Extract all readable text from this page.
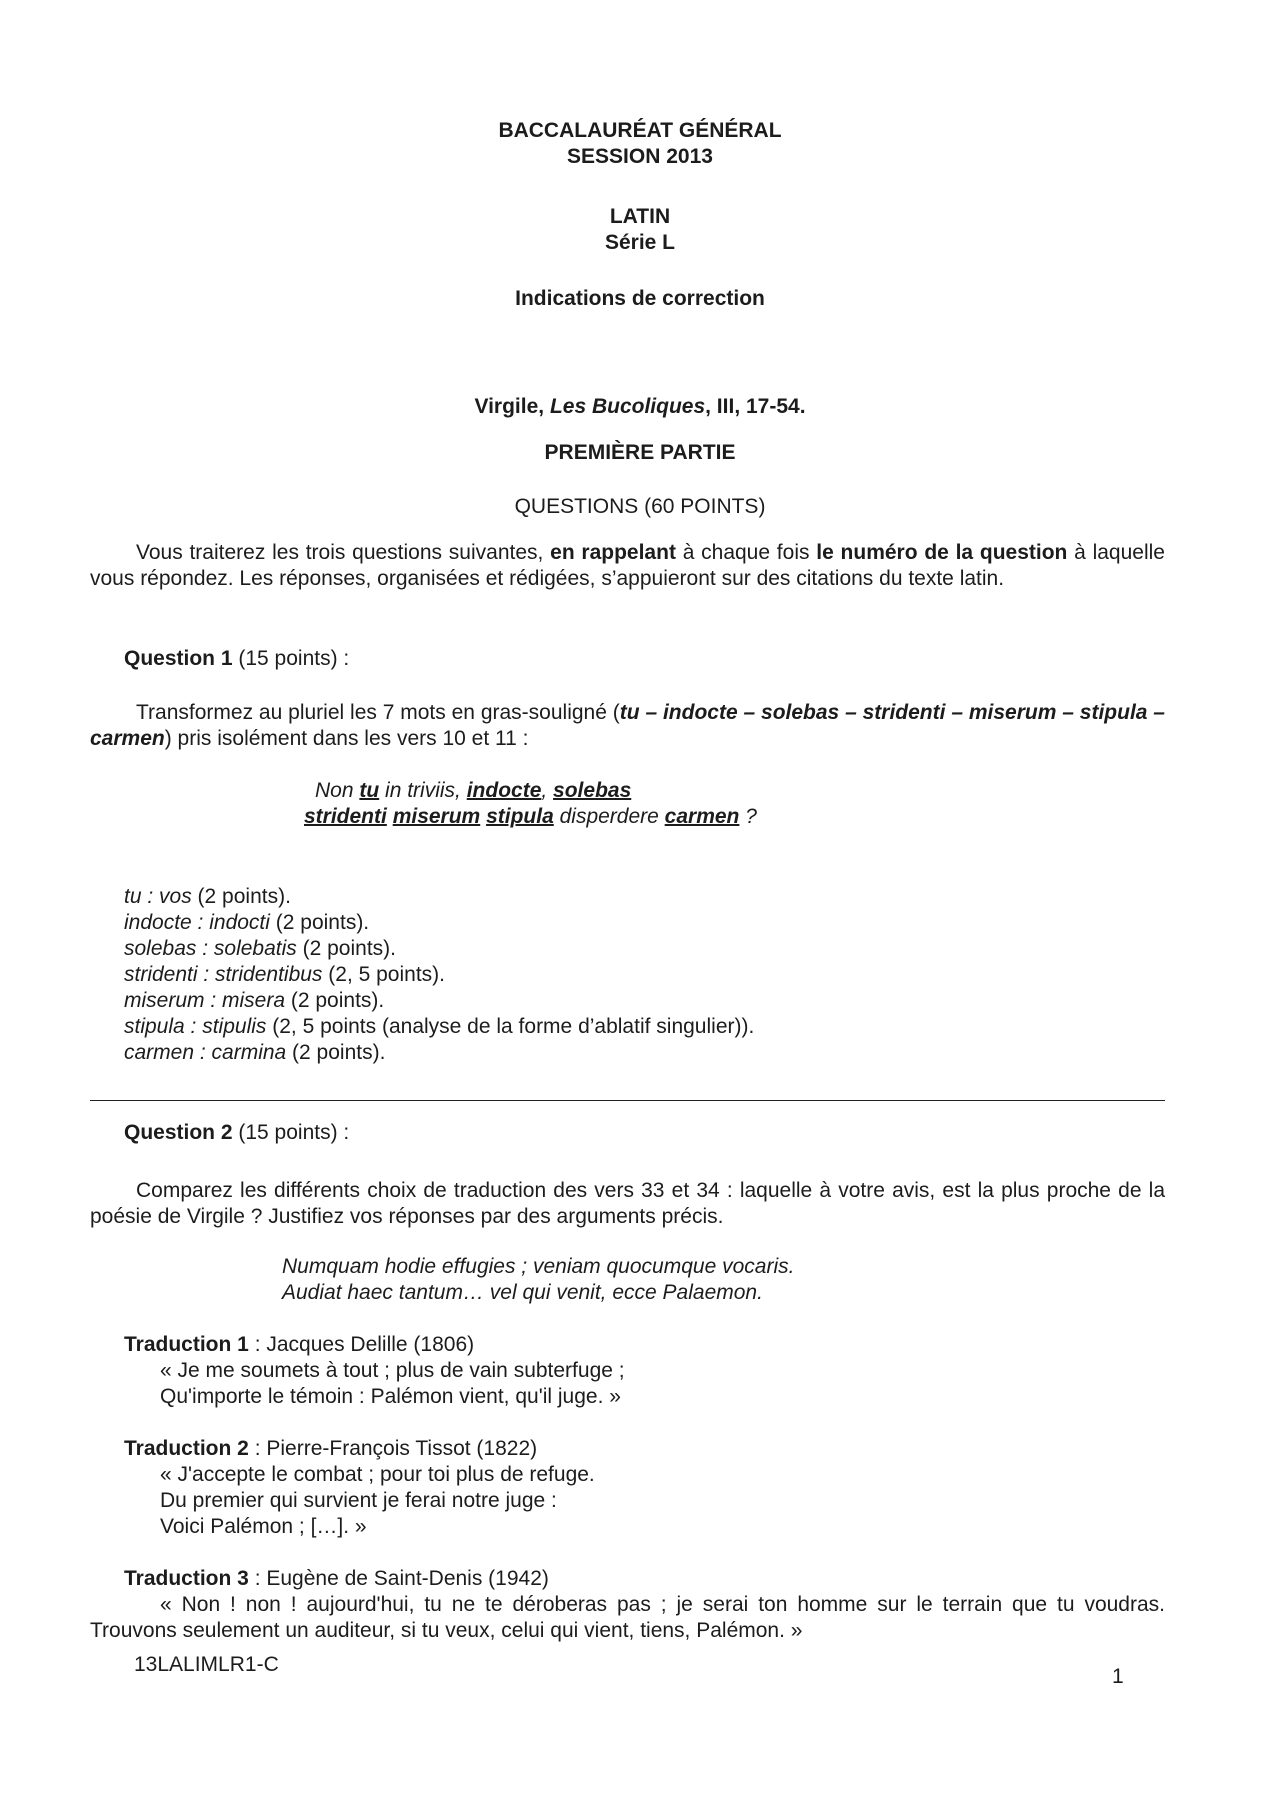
BACCALAURÉAT GÉNÉRAL
SESSION 2013
LATIN
Série L
Indications de correction
Virgile, Les Bucoliques, III, 17-54.
PREMIÈRE PARTIE
QUESTIONS (60 POINTS)
Vous traiterez les trois questions suivantes, en rappelant à chaque fois le numéro de la question à laquelle vous répondez. Les réponses, organisées et rédigées, s’appuieront sur des citations du texte latin.
Question 1 (15 points) :
Transformez au pluriel les 7 mots en gras-souligné (tu – indocte – solebas – stridenti – miserum – stipula – carmen) pris isolément dans les vers 10 et 11 :
Non tu in triviis, indocte, solebas
stridenti miserum stipula disperdere carmen ?
tu : vos (2 points).
indocte : indocti (2 points).
solebas : solebatis (2 points).
stridenti : stridentibus (2, 5 points).
miserum : misera (2 points).
stipula : stipulis (2, 5 points (analyse de la forme d’ablatif singulier)).
carmen : carmina (2 points).
Question 2 (15 points) :
Comparez les différents choix de traduction des vers 33 et 34 : laquelle à votre avis, est la plus proche de la poésie de Virgile ? Justifiez vos réponses par des arguments précis.
Numquam hodie effugies ; veniam quocumque vocaris.
Audiat haec tantum… vel qui venit, ecce Palaemon.
Traduction 1 : Jacques Delille (1806)
« Je me soumets à tout ; plus de vain subterfuge ;
Qu'importe le témoin : Palémon vient, qu'il juge. »
Traduction 2 : Pierre-François Tissot (1822)
« J'accepte le combat ; pour toi plus de refuge.
Du premier qui survient je ferai notre juge :
Voici Palémon ; […]. »
Traduction 3 : Eugène de Saint-Denis (1942)
« Non ! non ! aujourd'hui, tu ne te déroberas pas ; je serai ton homme sur le terrain que tu voudras. Trouvons seulement un auditeur, si tu veux, celui qui vient, tiens, Palémon. »
13LALIMLR1-C
1
